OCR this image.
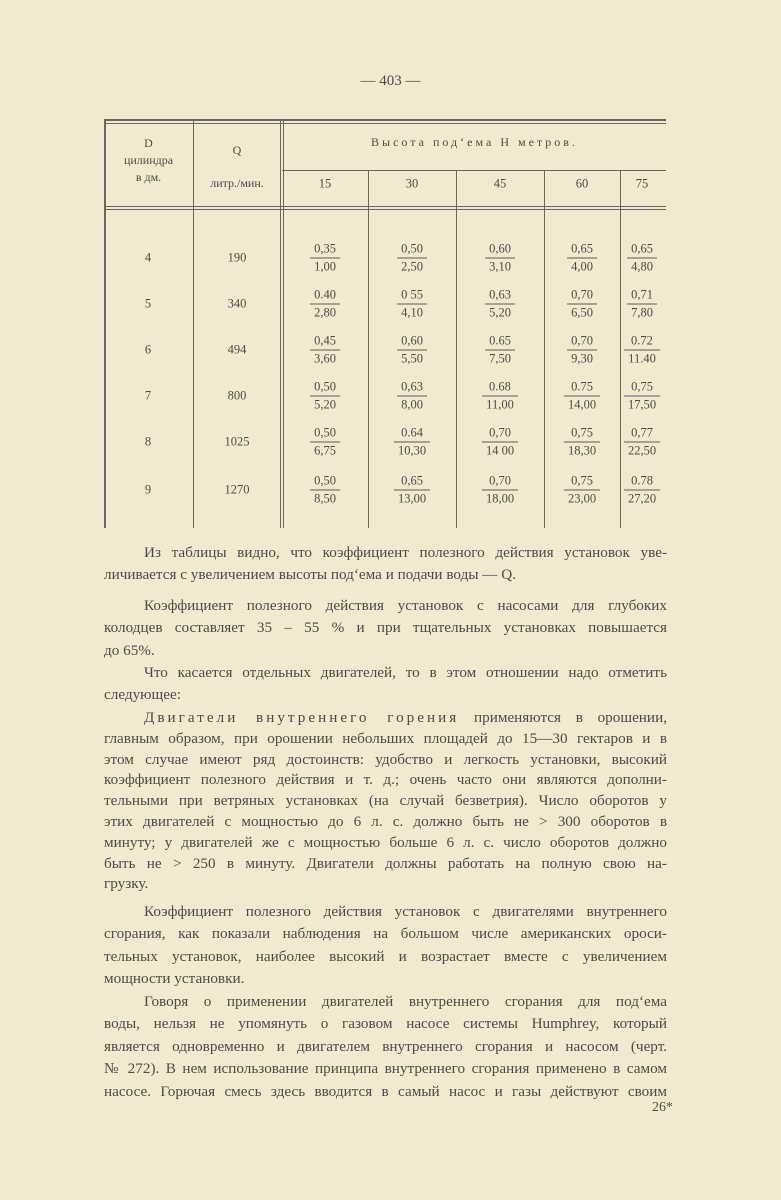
— 403 —
D
цилиндра
в дм.
Q
литр./мин.
Высота под‘ема Н метров.
15	30	45	60	75
4	190	$\frac{0,35}{1,00}$	$\frac{0,50}{2,50}$	$\frac{0,60}{3,10}$	$\frac{0,65}{4,00} \frac{0,65}{4,80}$
5	340	$\frac{0.40}{2,80}$	$\frac{0 55}{4,10}$	$\frac{0,63}{5,20}$	$\frac{0,70}{6,50} \frac{0,71}{7,80}$
6	494	$\frac{0,45}{3,60}$	$\frac{0,60}{5,50}$	$\frac{0.65}{7,50}$	$\frac{0,70}{9,30} \frac{0.72}{11.40}$
7	800	$\frac{0,50}{5,20}$	$\frac{0,63}{8,00}$	$\frac{0.68}{11,00}$	$\frac{0.75}{14,00} \frac{0,75}{17,50}$
8	1025	$\frac{0,50}{6,75}$	$\frac{0.64}{10,30}$	$\frac{0,70}{14 00}$	$\frac{0,75}{18,30} \frac{0,77}{22,50}$
9	1270	$\frac{0,50}{8,50}$	$\frac{0,65}{13,00}$	$\frac{0,70}{18,00}$	$\frac{0,75}{23,00} \frac{0.78}{27,20}$
Из таблицы видно, что коэффициент полезного действия установок уве-
личивается с увеличением высоты под‘ема и подачи воды — Q.
Коэффициент полезного действия установок с насосами для глубоких
колодцев составляет 35 – 55 % и при тщательных установках повышается
до 65%.
Что касается отдельных двигателей, то в этом отношении надо отметить
следующее:
Двигатели внутреннего горения применяются в орошении,
главным образом, при орошении небольших площадей до 15—30 гектаров и в
этом случае имеют ряд достоинств: удобство и легкость установки, высокий
коэффициент полезного действия и т. д.; очень часто они являются дополни-
тельными при ветряных установках (на случай безветрия). Число оборотов у
этих двигателей с мощностью до 6 л. с. должно быть не > 300 оборотов в
минуту; у двигателей же с мощностью больше 6 л. с. число оборотов должно
быть не > 250 в минуту. Двигатели должны работать на полную свою на-
грузку.
Коэффициент полезного действия установок с двигателями внутреннего
сгорания, как показали наблюдения на большом числе американских ороси-
тельных установок, наиболее высокий и возрастает вместе с увеличением
мощности установки.
Говоря о применении двигателей внутреннего сгорания для под‘ема
воды, нельзя не упомянуть о газовом насосе системы Humphrey, который
является одновременно и двигателем внутреннего сгорания и насосом (черт.
№ 272). В нем использование принципа внутреннего сгорания применено в самом
насосе. Горючая смесь здесь вводится в самый насос и газы действуют своим
26*
